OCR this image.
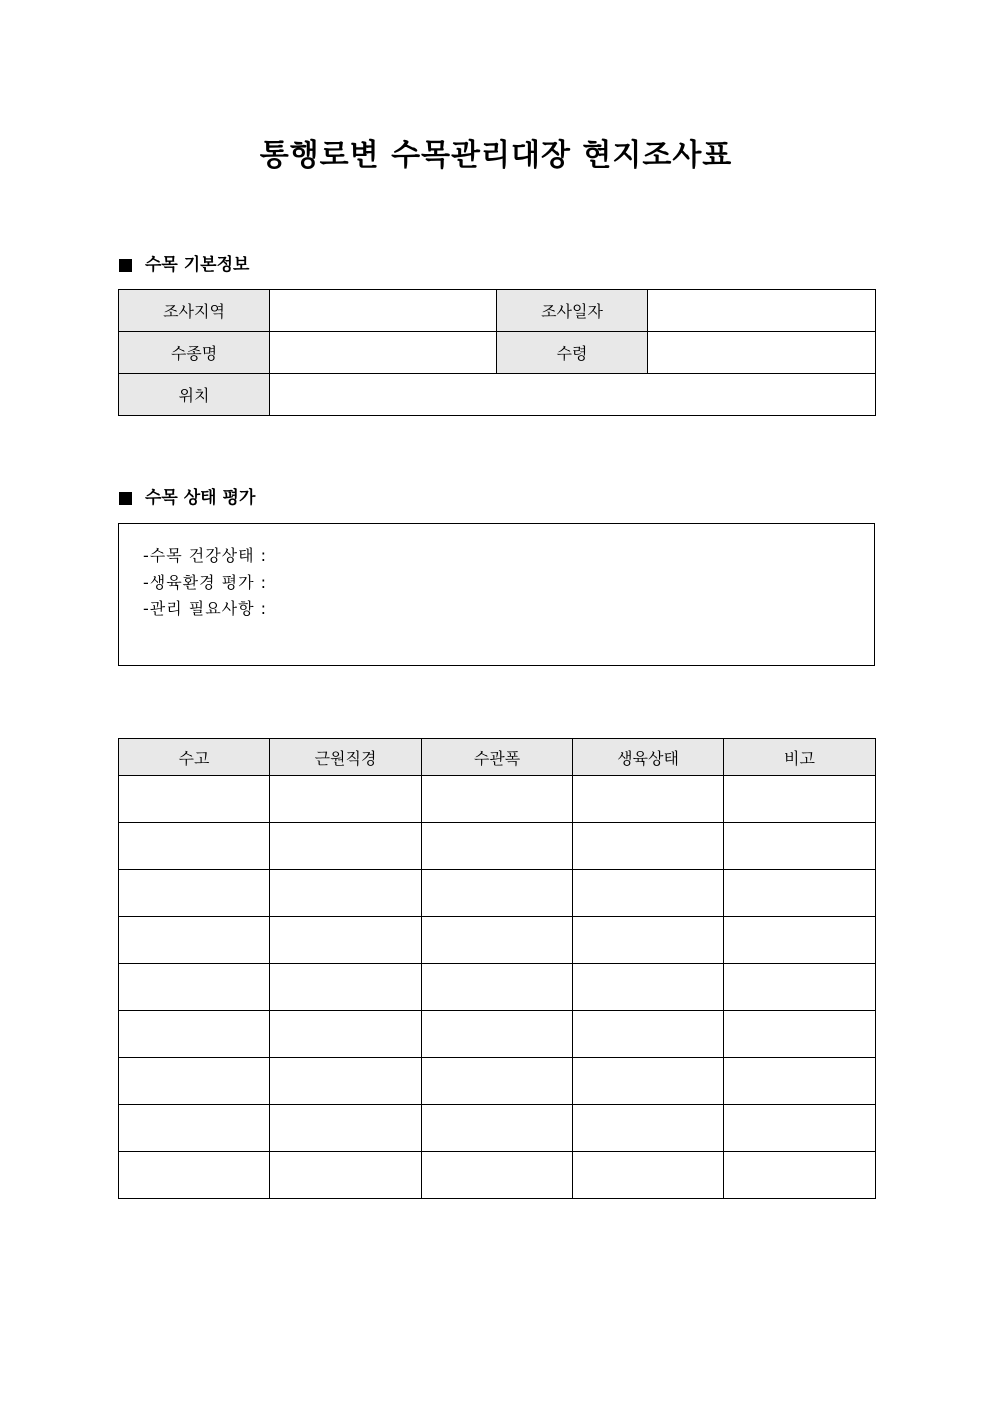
통행로변 수목관리대장 현지조사표
수목 기본정보
조사지역		조사일자	
수종명		수령	
위치			
수목 상태 평가
-수목 건강상태 :
-생육환경 평가 :
-관리 필요사항 :
수고	근원직경	수관폭	생육상태	비고
